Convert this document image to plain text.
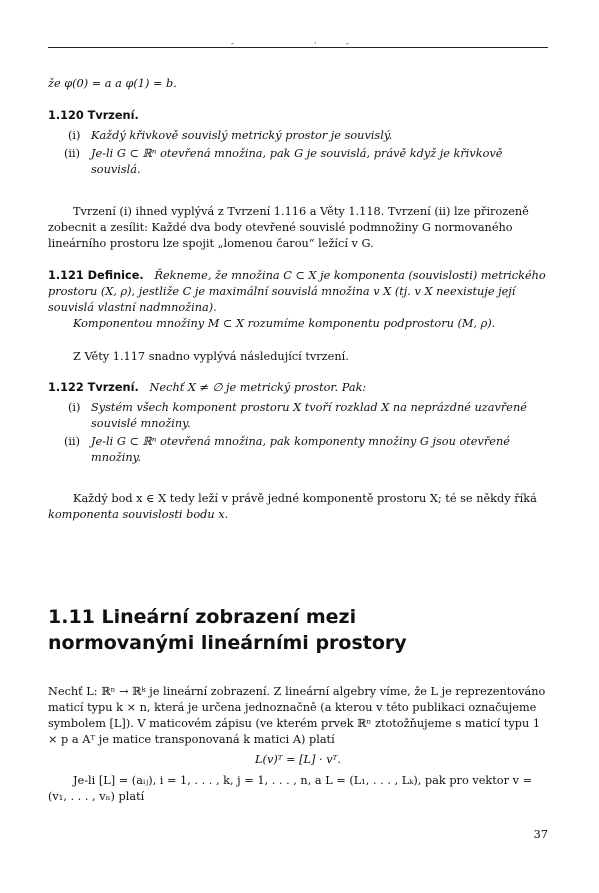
-	·	-

že φ(0) = a a φ(1) = b.

1.120 Tvrzení.

(i) Každý křivkově souvislý metrický prostor je souvislý.
(ii) Je-li G ⊂ ℝⁿ otevřená množina, pak G je souvislá, právě když je křivkově souvislá.

Tvrzení (i) ihned vyplývá z Tvrzení 1.116 a Věty 1.118. Tvrzení (ii) lze přirozeně zobecnit a zesílit: Každé dva body otevřené souvislé podmnožiny G normovaného lineárního prostoru lze spojit „lomenou čarou“ ležící v G.

1.121 Definice. Řekneme, že množina C ⊂ X je komponenta (souvislosti) metrického prostoru (X, ρ), jestliže C je maximální souvislá množina v X (tj. v X neexistuje její souvislá vlastní nadmnožina).

Komponentou množiny M ⊂ X rozumíme komponentu podprostoru (M, ρ).

Z Věty 1.117 snadno vyplývá následující tvrzení.

1.122 Tvrzení. Nechť X ≠ ∅ je metrický prostor. Pak:

(i) Systém všech komponent prostoru X tvoří rozklad X na neprázdné uzavřené souvislé množiny.
(ii) Je-li G ⊂ ℝⁿ otevřená množina, pak komponenty množiny G jsou otevřené množiny.

Každý bod x ∈ X tedy leží v právě jedné komponentě prostoru X; té se někdy říká komponenta souvislosti bodu x.

1.11 Lineární zobrazení mezi

normovanými lineárními prostory

Nechť L: ℝⁿ → ℝᵏ je lineární zobrazení. Z lineární algebry víme, že L je reprezentováno maticí typu k × n, která je určena jednoznačně (a kterou v této publikaci označujeme symbolem [L]). V maticovém zápisu (ve kterém prvek ℝⁿ ztotožňujeme s maticí typu 1 × p a Aᵀ je matice transponovaná k matici A) platí

L(v)ᵀ = [L] · vᵀ.

Je-li [L] = (aᵢⱼ), i = 1, . . . , k, j = 1, . . . , n, a L = (L₁, . . . , Lₖ), pak pro vektor v = (v₁, . . . , vₙ) platí

37
